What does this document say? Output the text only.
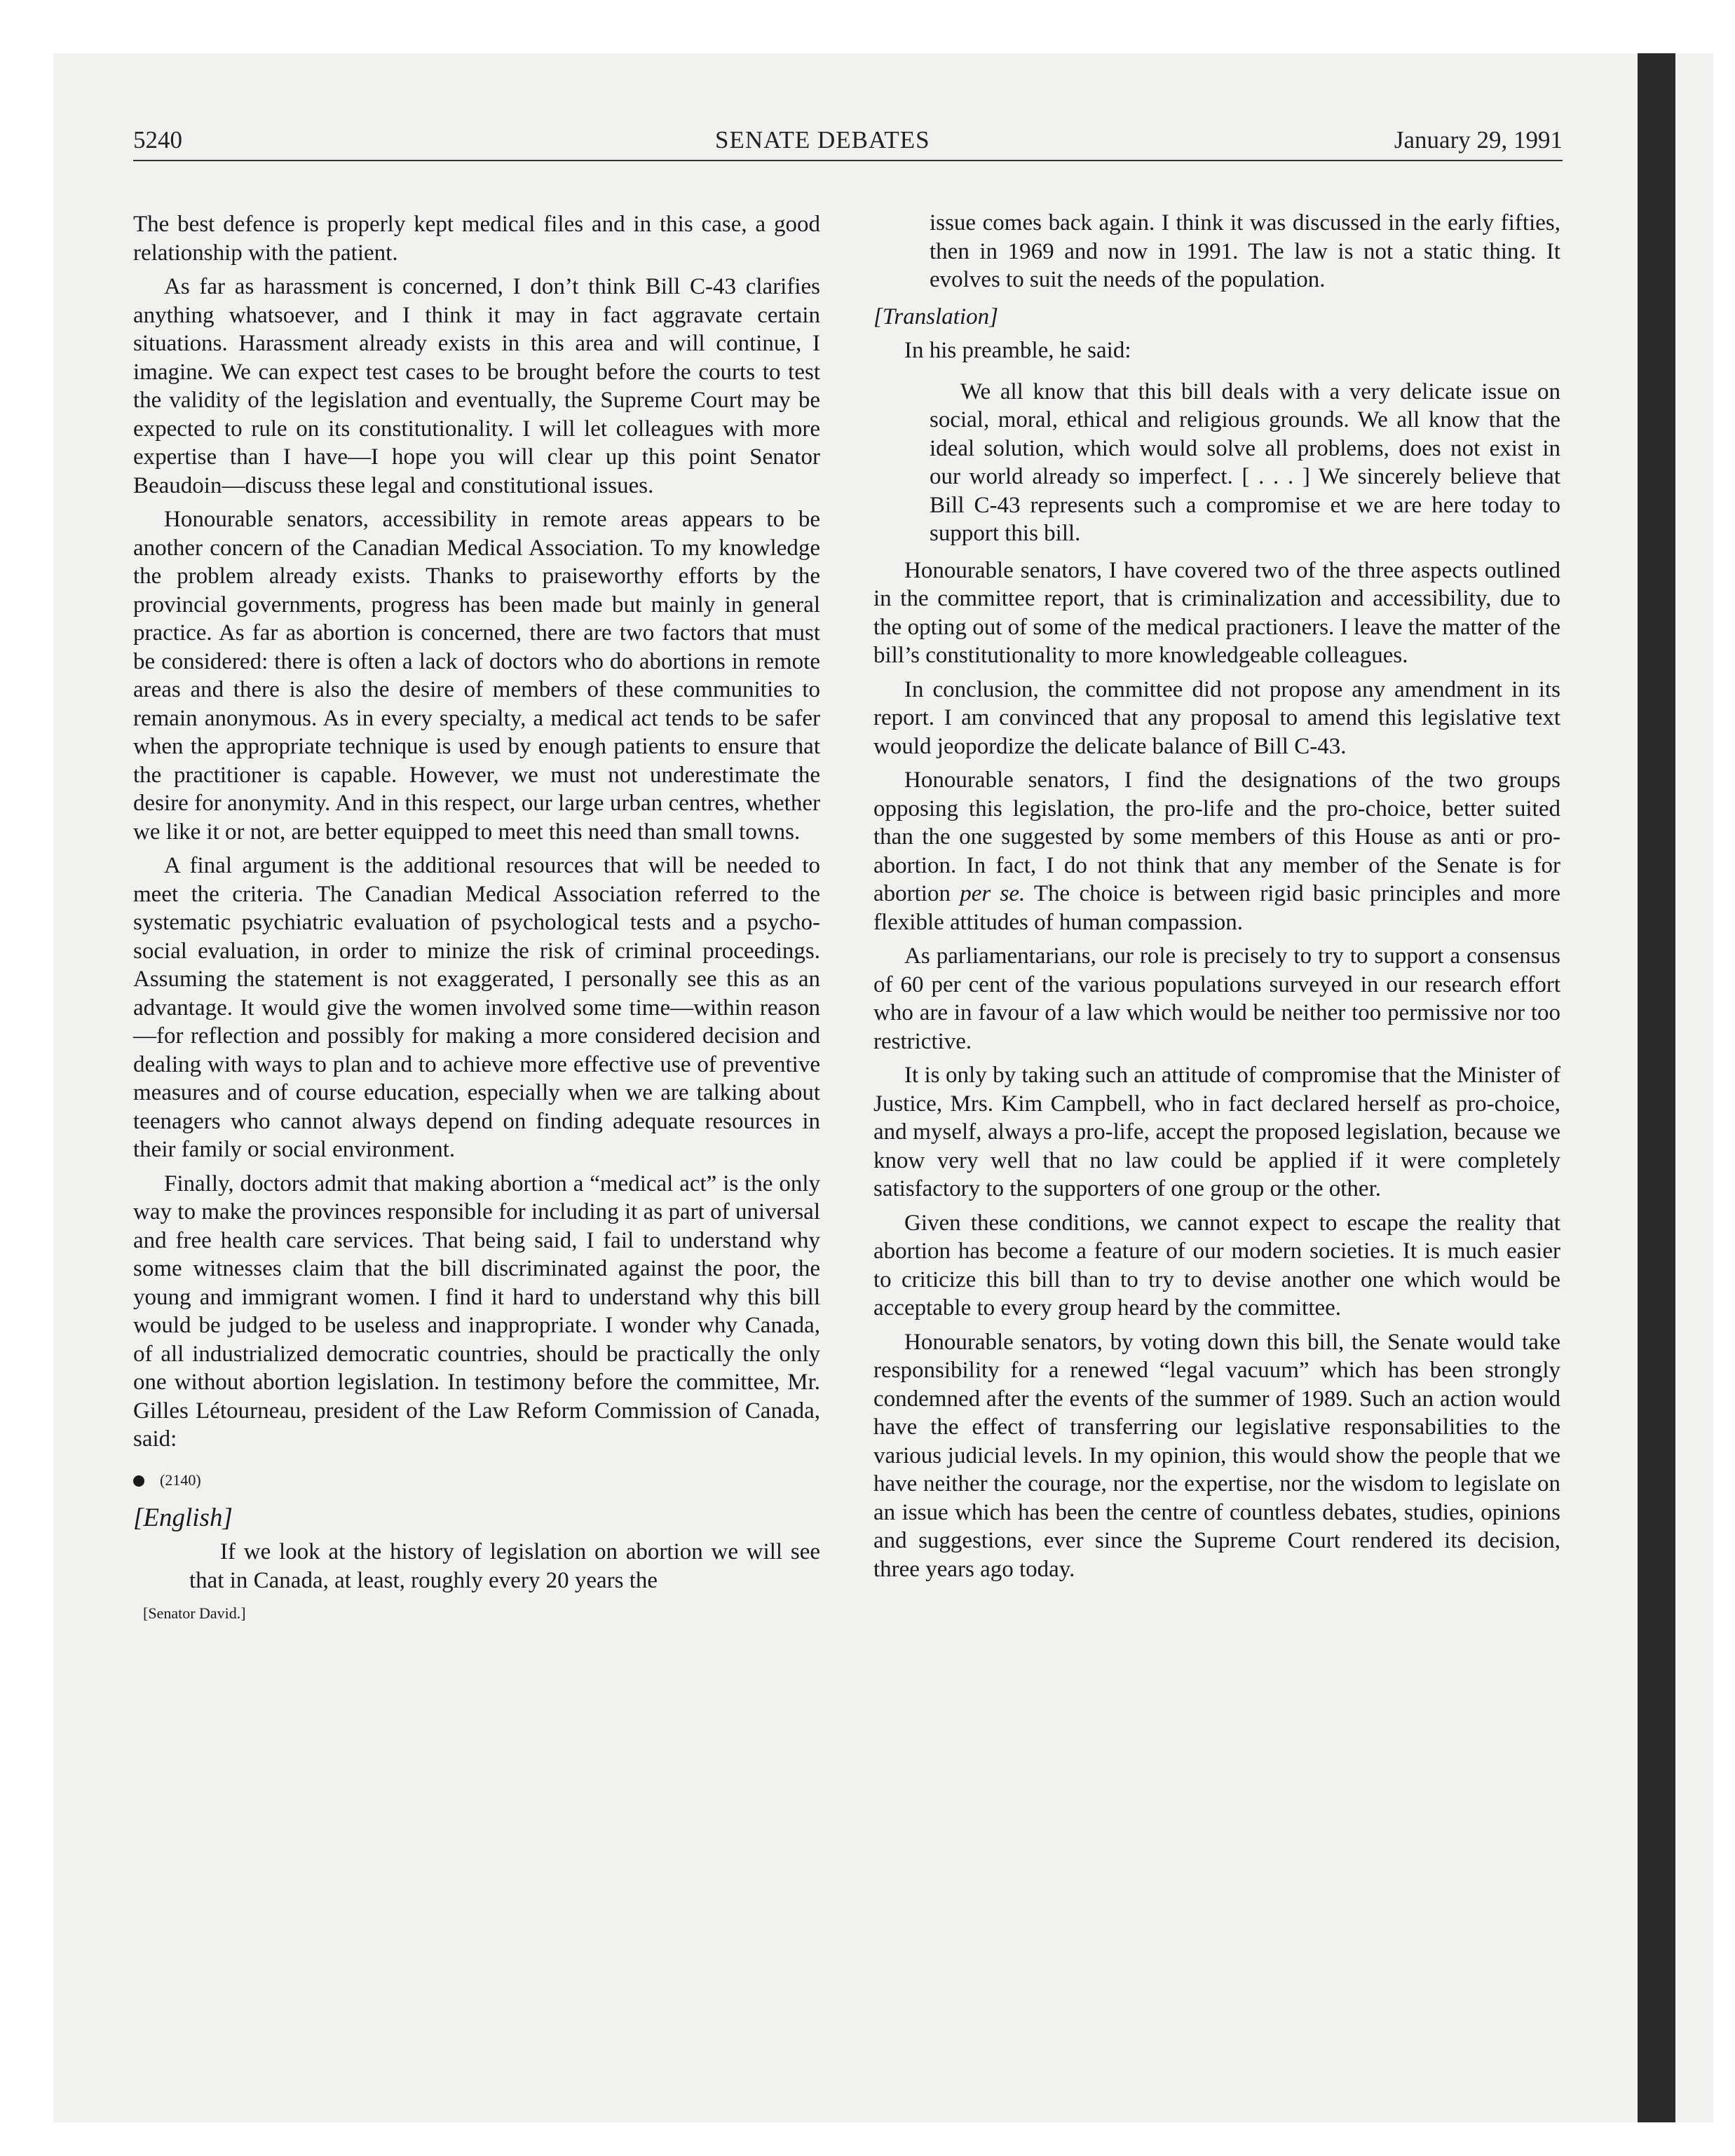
5240	SENATE DEBATES	January 29, 1991

The best defence is properly kept medical files and in this case, a good relationship with the patient.

As far as harassment is concerned, I don’t think Bill C-43 clarifies anything whatsoever, and I think it may in fact aggravate certain situations. Harassment already exists in this area and will continue, I imagine. We can expect test cases to be brought before the courts to test the validity of the legislation and eventually, the Supreme Court may be expected to rule on its constitutionality. I will let colleagues with more expertise than I have—I hope you will clear up this point Senator Beaudoin—discuss these legal and constitutional issues.

Honourable senators, accessibility in remote areas appears to be another concern of the Canadian Medical Association. To my knowledge the problem already exists. Thanks to praiseworthy efforts by the provincial governments, progress has been made but mainly in general practice. As far as abortion is concerned, there are two factors that must be considered: there is often a lack of doctors who do abortions in remote areas and there is also the desire of members of these communities to remain anonymous. As in every specialty, a medical act tends to be safer when the appropriate technique is used by enough patients to ensure that the practitioner is capable. However, we must not underestimate the desire for anonymity. And in this respect, our large urban centres, whether we like it or not, are better equipped to meet this need than small towns.

A final argument is the additional resources that will be needed to meet the criteria. The Canadian Medical Association referred to the systematic psychiatric evaluation of psychological tests and a psycho-social evaluation, in order to minize the risk of criminal proceedings. Assuming the statement is not exaggerated, I personally see this as an advantage. It would give the women involved some time—within reason—for reflection and possibly for making a more considered decision and dealing with ways to plan and to achieve more effective use of preventive measures and of course education, especially when we are talking about teenagers who cannot always depend on finding adequate resources in their family or social environment.

Finally, doctors admit that making abortion a “medical act” is the only way to make the provinces responsible for including it as part of universal and free health care services. That being said, I fail to understand why some witnesses claim that the bill discriminated against the poor, the young and immigrant women. I find it hard to understand why this bill would be judged to be useless and inappropriate. I wonder why Canada, of all industrialized democratic countries, should be practically the only one without abortion legislation. In testimony before the committee, Mr. Gilles Létourneau, president of the Law Reform Commission of Canada, said:

(2140)
[English]
If we look at the history of legislation on abortion we will see that in Canada, at least, roughly every 20 years the
[Senator David.]
issue comes back again. I think it was discussed in the early fifties, then in 1969 and now in 1991. The law is not a static thing. It evolves to suit the needs of the population.
[Translation]
In his preamble, he said:
We all know that this bill deals with a very delicate issue on social, moral, ethical and religious grounds. We all know that the ideal solution, which would solve all problems, does not exist in our world already so imperfect. [ . . . ] We sincerely believe that Bill C-43 represents such a compromise et we are here today to support this bill.

Honourable senators, I have covered two of the three aspects outlined in the committee report, that is criminalization and accessibility, due to the opting out of some of the medical practioners. I leave the matter of the bill’s constitutionality to more knowledgeable colleagues.

In conclusion, the committee did not propose any amendment in its report. I am convinced that any proposal to amend this legislative text would jeopordize the delicate balance of Bill C-43.

Honourable senators, I find the designations of the two groups opposing this legislation, the pro-life and the pro-choice, better suited than the one suggested by some members of this House as anti or pro-abortion. In fact, I do not think that any member of the Senate is for abortion per se. The choice is between rigid basic principles and more flexible attitudes of human compassion.

As parliamentarians, our role is precisely to try to support a consensus of 60 per cent of the various populations surveyed in our research effort who are in favour of a law which would be neither too permissive nor too restrictive.

It is only by taking such an attitude of compromise that the Minister of Justice, Mrs. Kim Campbell, who in fact declared herself as pro-choice, and myself, always a pro-life, accept the proposed legislation, because we know very well that no law could be applied if it were completely satisfactory to the supporters of one group or the other.

Given these conditions, we cannot expect to escape the reality that abortion has become a feature of our modern societies. It is much easier to criticize this bill than to try to devise another one which would be acceptable to every group heard by the committee.

Honourable senators, by voting down this bill, the Senate would take responsibility for a renewed “legal vacuum” which has been strongly condemned after the events of the summer of 1989. Such an action would have the effect of transferring our legislative responsabilities to the various judicial levels. In my opinion, this would show the people that we have neither the courage, nor the expertise, nor the wisdom to legislate on an issue which has been the centre of countless debates, studies, opinions and suggestions, ever since the Supreme Court rendered its decision, three years ago today.
